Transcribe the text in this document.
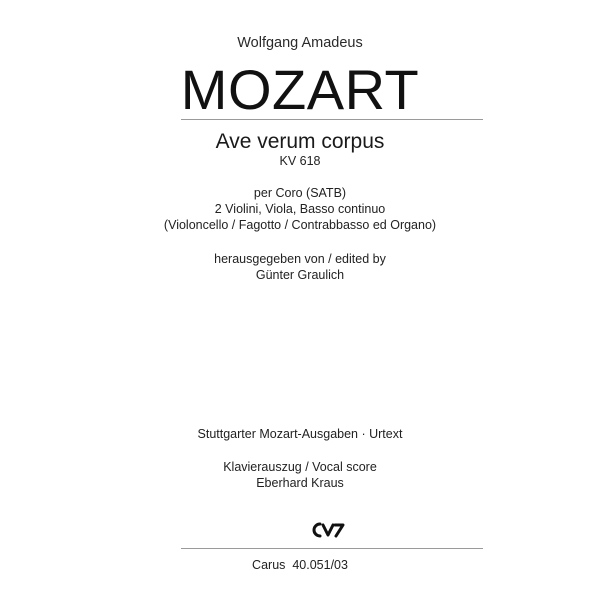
Wolfgang Amadeus

MOZART

Ave verum corpus

KV 618

per Coro (SATB)

2 Violini, Viola, Basso continuo

(Violoncello / Fagotto / Contrabbasso ed Organo)

herausgegeben von / edited by

Günter Graulich

Stuttgarter Mozart-Ausgaben · Urtext

Klavierauszug / Vocal score

Eberhard Kraus

Carus  40.051/03
